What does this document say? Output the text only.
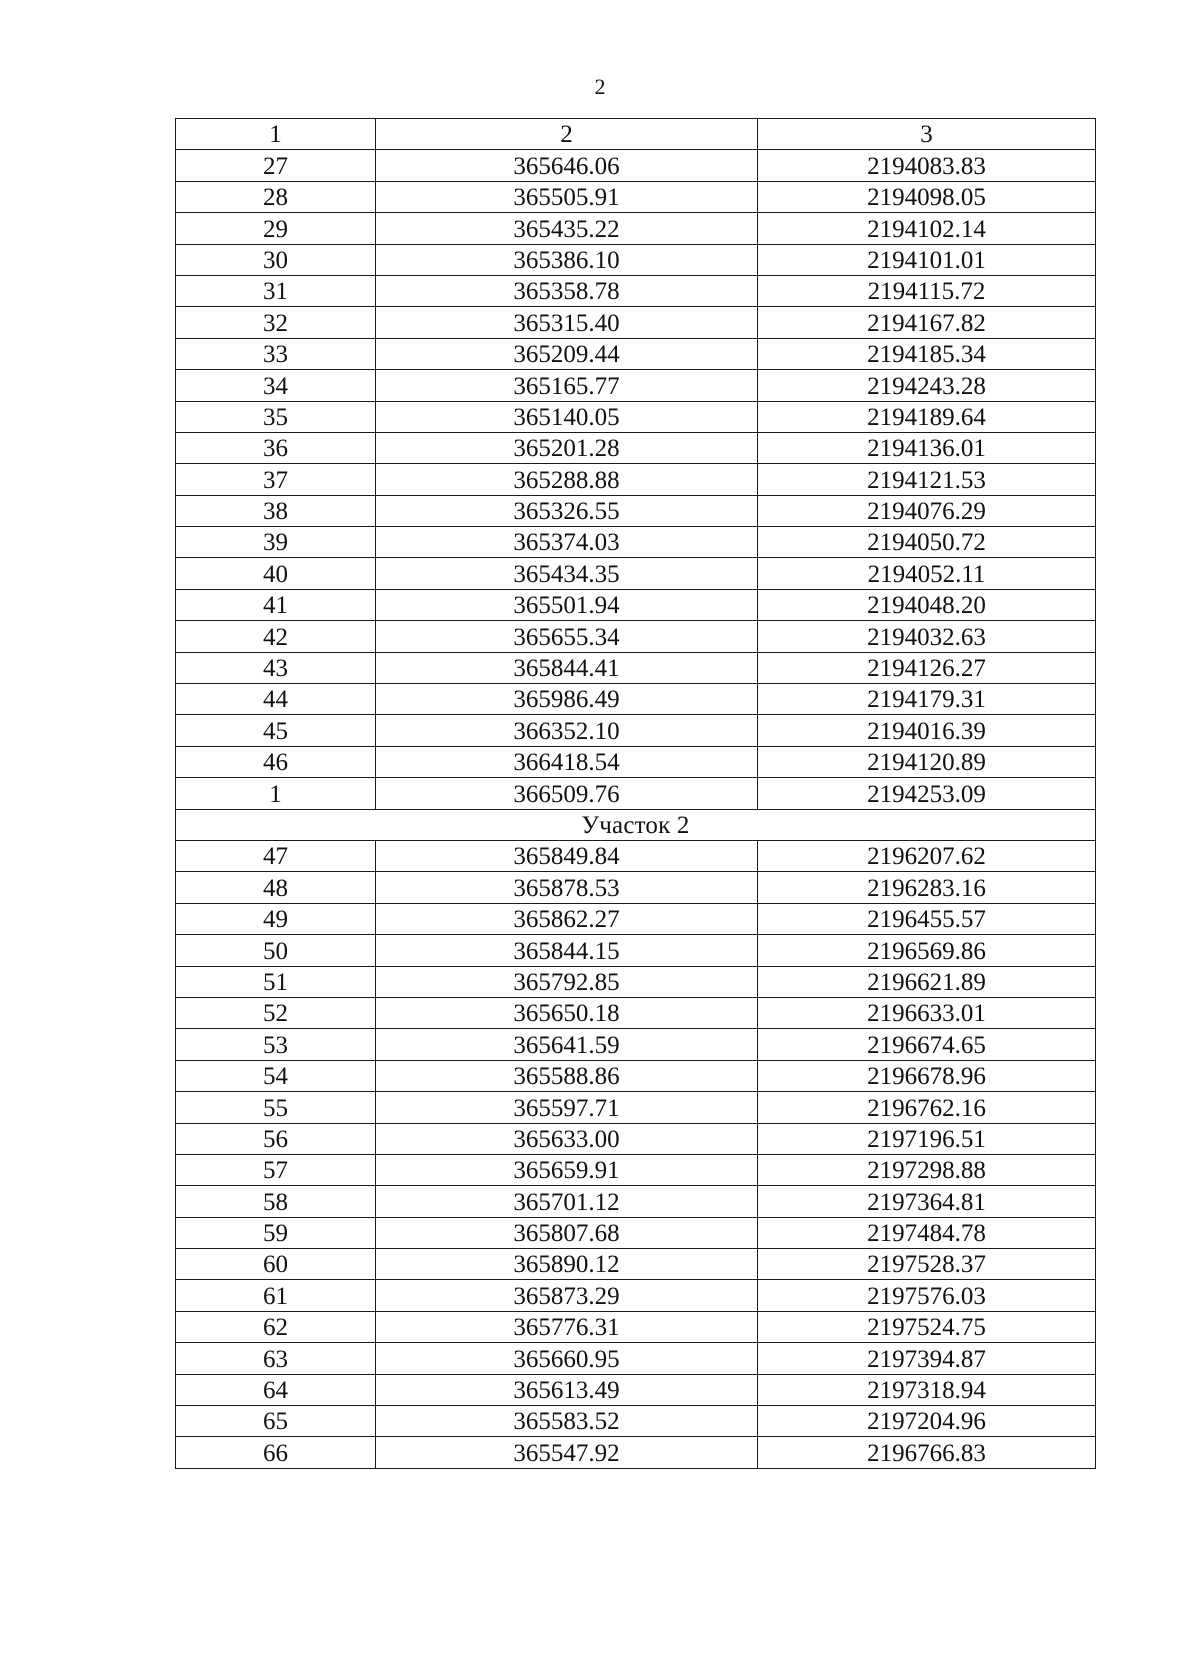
2
1	2	3
27	365646.06	2194083.83
28	365505.91	2194098.05
29	365435.22	2194102.14
30	365386.10	2194101.01
31	365358.78	2194115.72
32	365315.40	2194167.82
33	365209.44	2194185.34
34	365165.77	2194243.28
35	365140.05	2194189.64
36	365201.28	2194136.01
37	365288.88	2194121.53
38	365326.55	2194076.29
39	365374.03	2194050.72
40	365434.35	2194052.11
41	365501.94	2194048.20
42	365655.34	2194032.63
43	365844.41	2194126.27
44	365986.49	2194179.31
45	366352.10	2194016.39
46	366418.54	2194120.89
1	366509.76	2194253.09
Участок 2		
47	365849.84	2196207.62
48	365878.53	2196283.16
49	365862.27	2196455.57
50	365844.15	2196569.86
51	365792.85	2196621.89
52	365650.18	2196633.01
53	365641.59	2196674.65
54	365588.86	2196678.96
55	365597.71	2196762.16
56	365633.00	2197196.51
57	365659.91	2197298.88
58	365701.12	2197364.81
59	365807.68	2197484.78
60	365890.12	2197528.37
61	365873.29	2197576.03
62	365776.31	2197524.75
63	365660.95	2197394.87
64	365613.49	2197318.94
65	365583.52	2197204.96
66	365547.92	2196766.83
